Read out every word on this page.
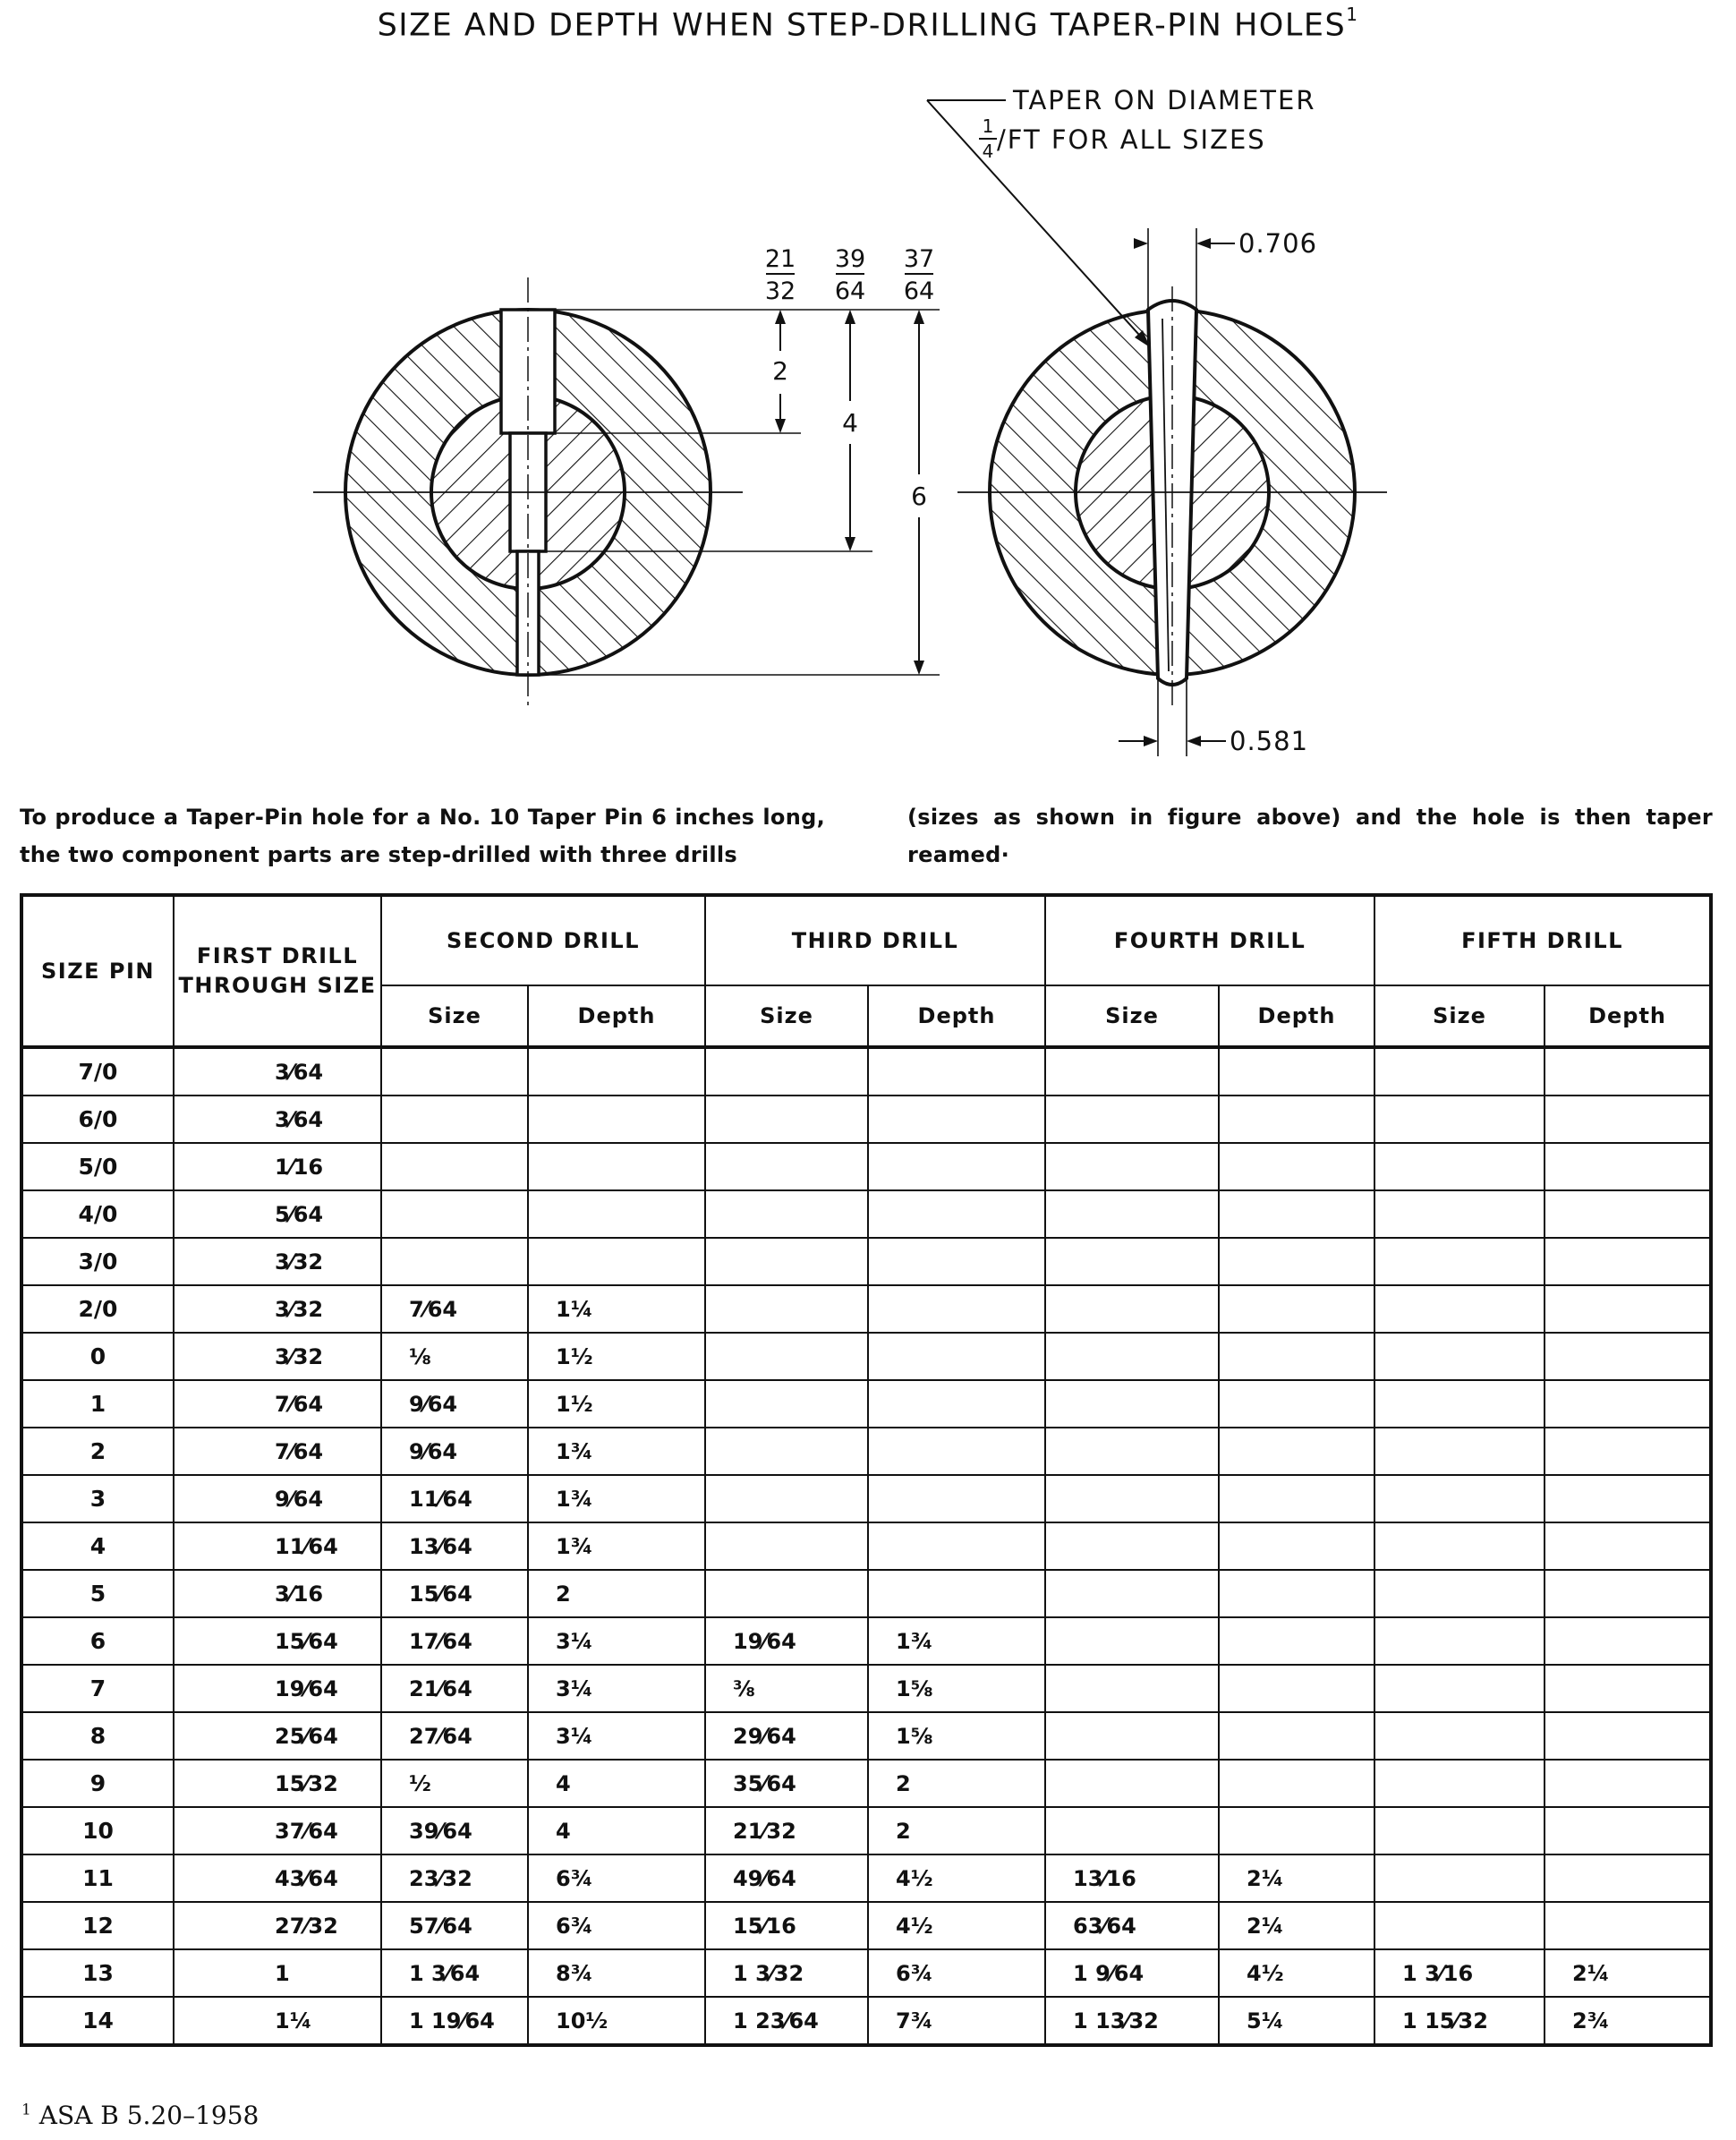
SIZE AND DEPTH WHEN STEP-DRILLING TAPER-PIN HOLES$^1$
2
4
6
21
32
39
64
37
64
TAPER ON DIAMETER
1
4 /FT FOR ALL SIZES
0.706
0.581
To produce a Taper-Pin hole for a No. 10 Taper Pin 6 inches long, the two component parts are step-drilled with three drills
(sizes as shown in figure above) and the hole is then taper reamed·
SIZE PIN	FIRST DRILL THROUGH SIZE	SECOND DRILL		THIRD DRILL		FOURTH DRILL		FIFTH DRILL	
		Size	Depth	Size	Depth	Size	Depth	Size	Depth
7/0	3⁄64								
6/0	3⁄64								
5/0	1⁄16								
4/0	5⁄64								
3/0	3⁄32								
2/0	3⁄32	7⁄64	1¼						
0	3⁄32	⅛	1½						
1	7⁄64	9⁄64	1½						
2	7⁄64	9⁄64	1¾						
3	9⁄64	11⁄64	1¾						
4	11⁄64	13⁄64	1¾						
5	3⁄16	15⁄64	2						
6	15⁄64	17⁄64	3¼	19⁄64	1¾				
7	19⁄64	21⁄64	3¼	⅜	1⅝				
8	25⁄64	27⁄64	3¼	29⁄64	1⅝				
9	15⁄32	½	4	35⁄64	2				
10	37⁄64	39⁄64	4	21⁄32	2				
11	43⁄64	23⁄32	6¾	49⁄64	4½	13⁄16	2¼		
12	27⁄32	57⁄64	6¾	15⁄16	4½	63⁄64	2¼		
13	1	1 3⁄64	8¾	1 3⁄32	6¾	1 9⁄64	4½	1 3⁄16	2¼
14	1¼	1 19⁄64	10½	1 23⁄64	7¾	1 13⁄32	5¼	1 15⁄32	2¾
$^1$ ASA B 5.20–1958
